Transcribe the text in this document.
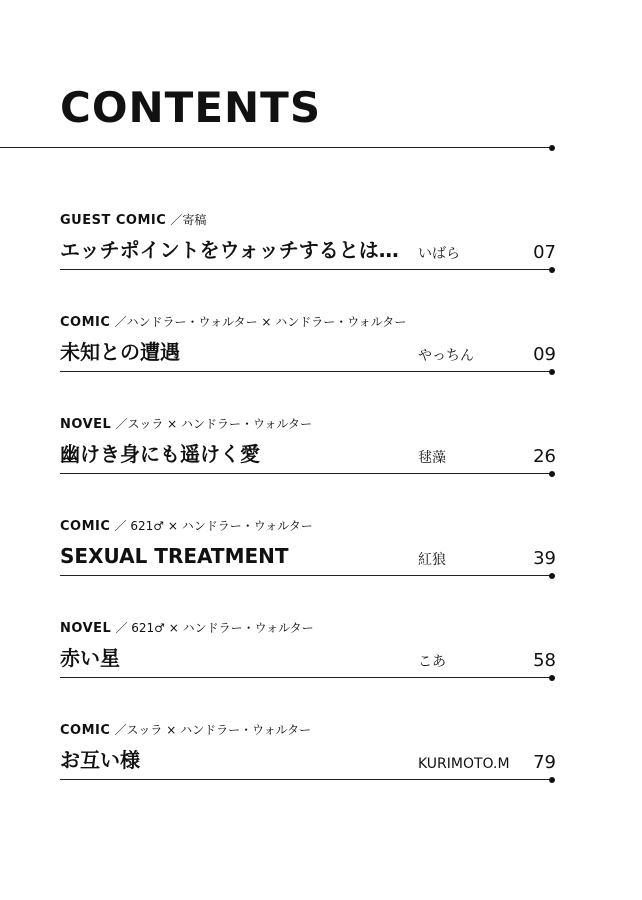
CONTENTS
GUEST COMIC ／寄稿
エッチポイントをウォッチするとは… いばら	07
COMIC ／ハンドラー・ウォルター × ハンドラー・ウォルター
未知との遭遇	やっちん	09
NOVEL ／スッラ × ハンドラー・ウォルター
幽けき身にも遥けく愛	毬藻	26
COMIC ／ 621♂ × ハンドラー・ウォルター
SEXUAL TREATMENT	紅狼	39
NOVEL ／ 621♂ × ハンドラー・ウォルター
赤い星	こあ	58
COMIC ／スッラ × ハンドラー・ウォルター
お互い様	KURIMOTO.M 79
